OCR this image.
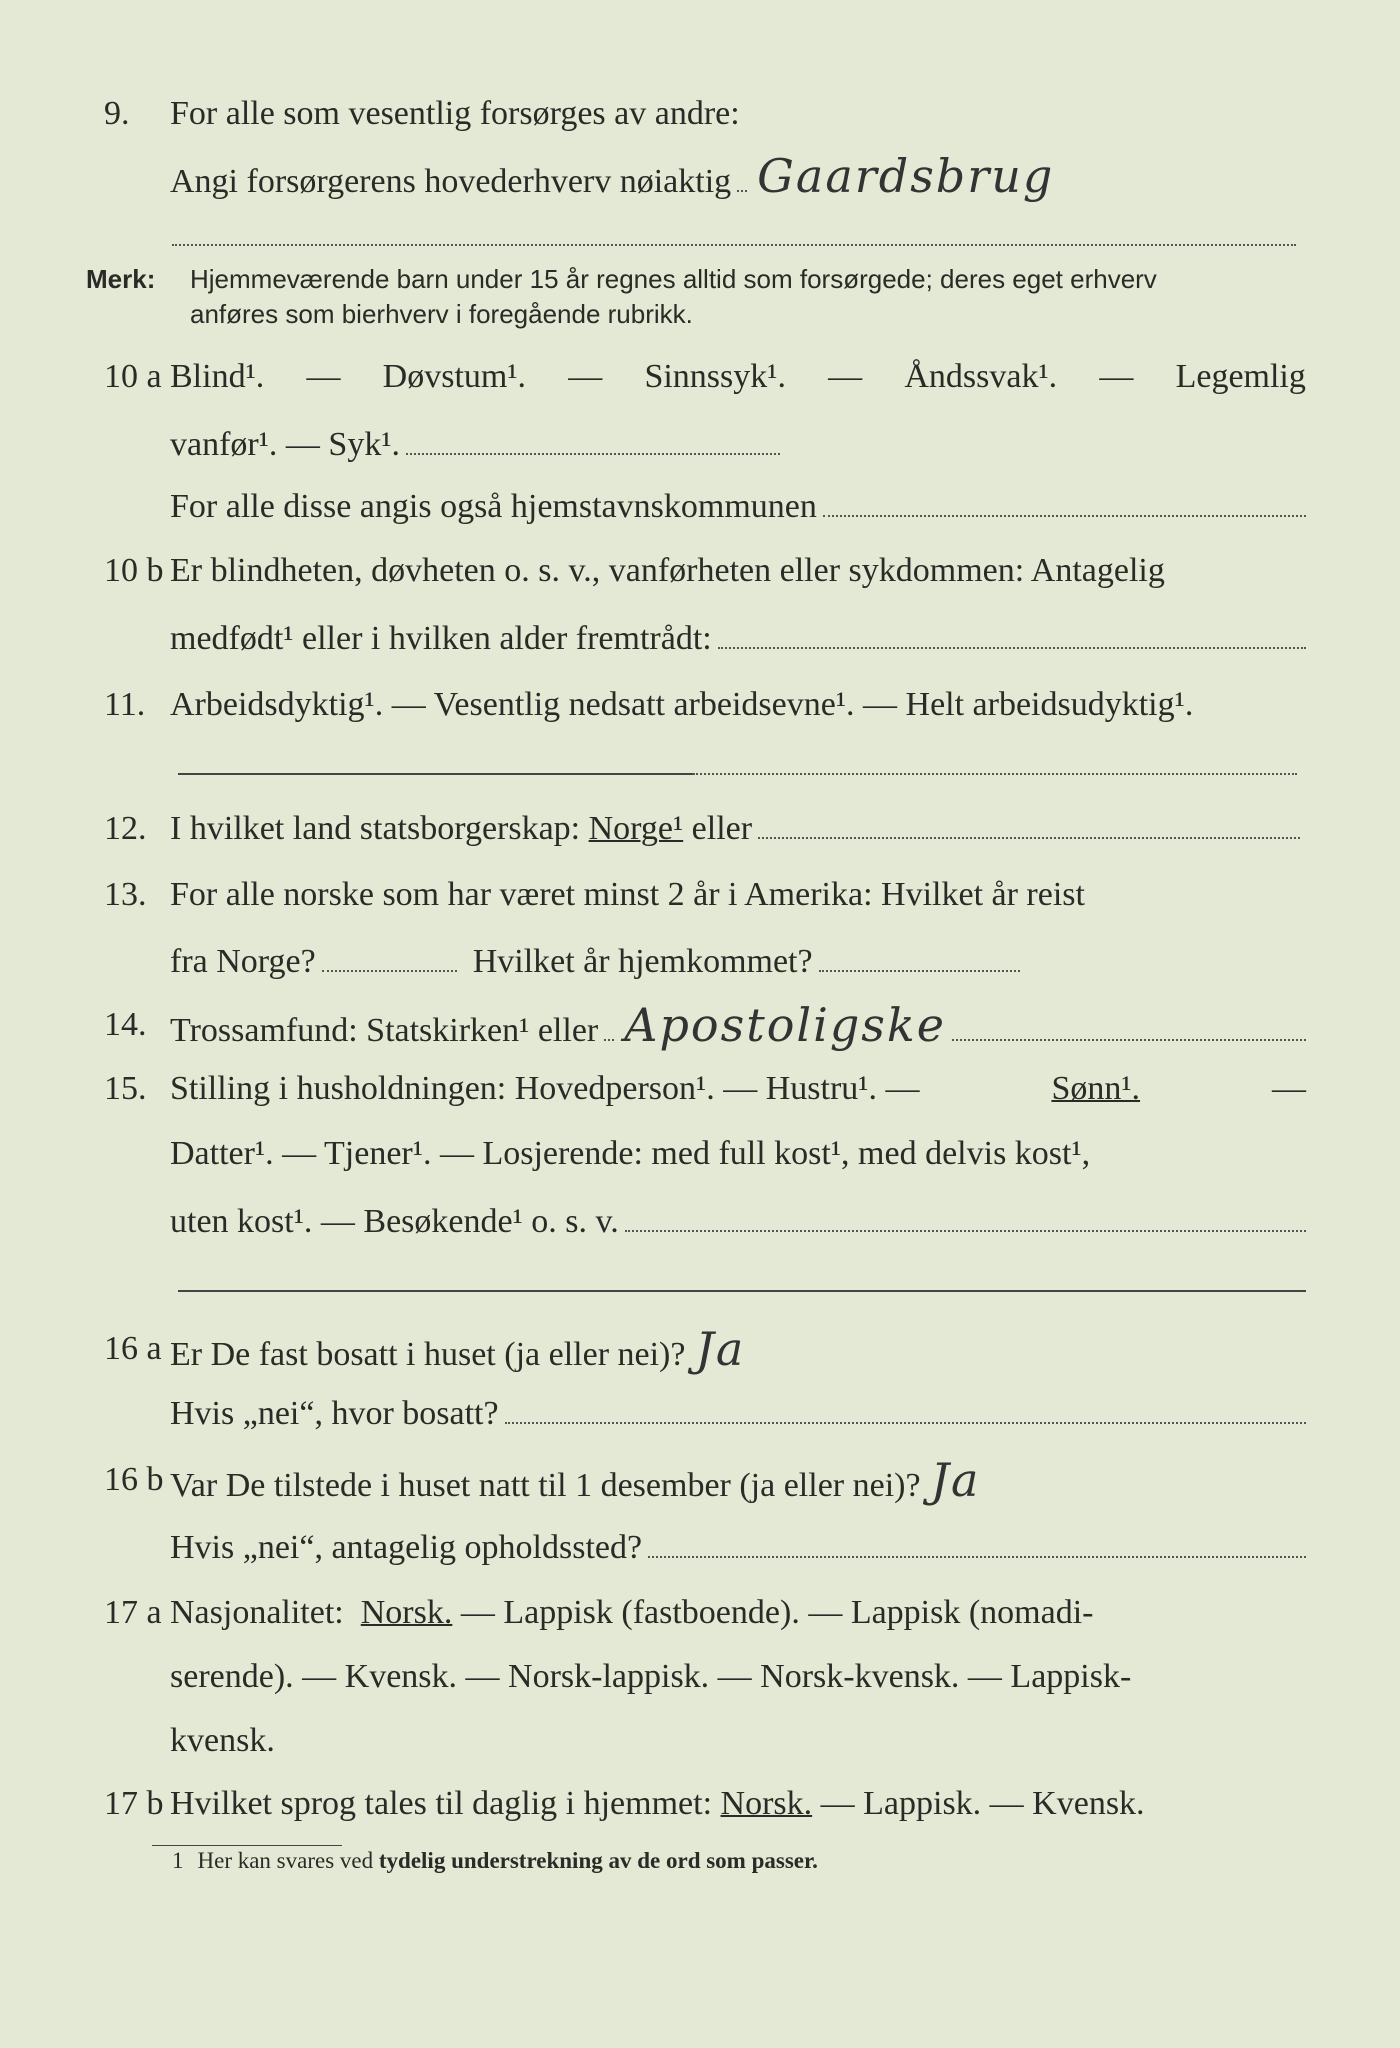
9. For alle som vesentlig forsørges av andre:
Angi forsørgerens hovederhverv nøiaktig Gaardsbrug
Merk: Hjemmeværende barn under 15 år regnes alltid som forsørgede; deres eget erhverv
anføres som bierhverv i foregående rubrikk.
10 a Blind¹. — Døvstum¹. — Sinnssyk¹. — Åndssvak¹. — Legemlig
vanfør¹. — Syk¹.
For alle disse angis også hjemstavnskommunen
10 b Er blindheten, døvheten o. s. v., vanførheten eller sykdommen: Antagelig
medfødt¹ eller i hvilken alder fremtrådt:
11. Arbeidsdyktig¹. — Vesentlig nedsatt arbeidsevne¹. — Helt arbeidsudyktig¹.
12. I hvilket land statsborgerskap:
Norge¹
eller
13. For alle norske som har været minst 2 år i Amerika: Hvilket år reist
fra Norge?	Hvilket år hjemkommet?
14. Trossamfund: Statskirken¹ eller Apostoligske
15. Stilling i husholdningen: Hovedperson¹. — Hustru¹. —	Sønn¹.	—
Datter¹. — Tjener¹. — Losjerende: med full kost¹, med delvis kost¹,
uten kost¹. — Besøkende¹ o. s. v.
16 a Er De fast bosatt i huset (ja eller nei)? Ja
Hvis „nei“, hvor bosatt?
16 b Var De tilstede i huset natt til 1 desember (ja eller nei)? Ja
Hvis „nei“, antagelig opholdssted?
17 a Nasjonalitet:
Norsk.
— Lappisk (fastboende). — Lappisk (nomadi-
serende). — Kvensk. — Norsk-lappisk. — Norsk-kvensk. — Lappisk-
kvensk.
17 b Hvilket sprog tales til daglig i hjemmet:
Norsk.
— Lappisk. — Kvensk.
1 Her kan svares ved tydelig understrekning av de ord som passer.
